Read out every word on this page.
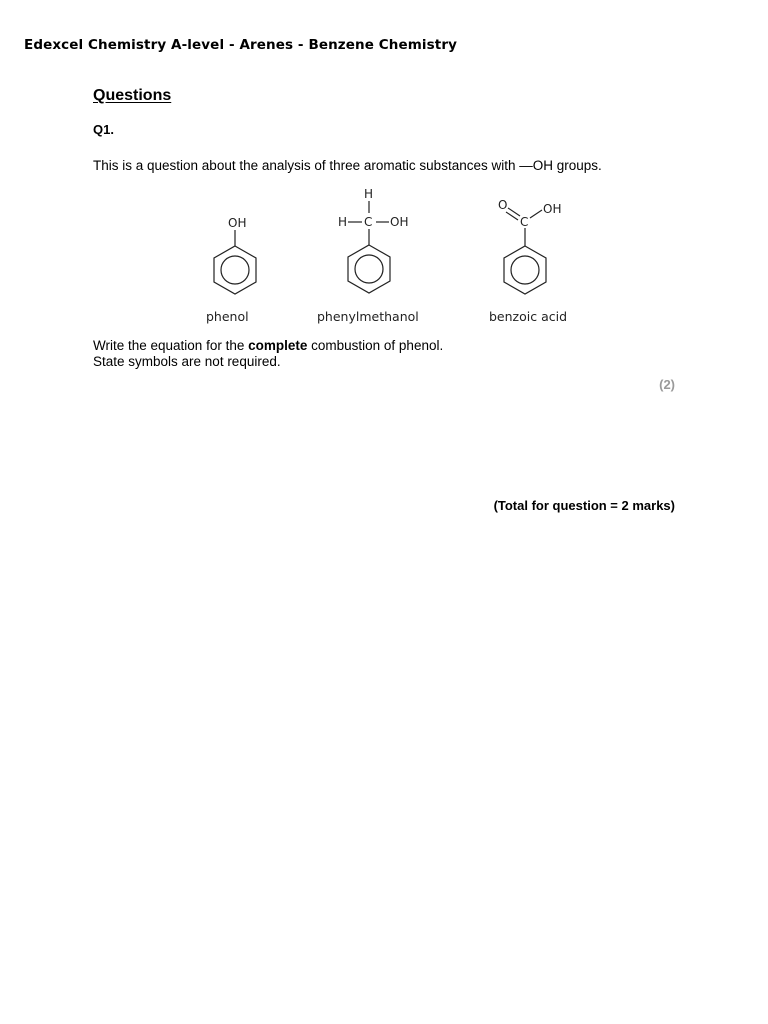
Edexcel Chemistry A-level - Arenes - Benzene Chemistry
Questions
Q1.
This is a question about the analysis of three aromatic substances with —OH groups.
OH
phenol
H
H C OH
phenylmethanol
O
C
OH
benzoic acid
Write the equation for the complete combustion of phenol.
State symbols are not required.
(2)
(Total for question = 2 marks)
